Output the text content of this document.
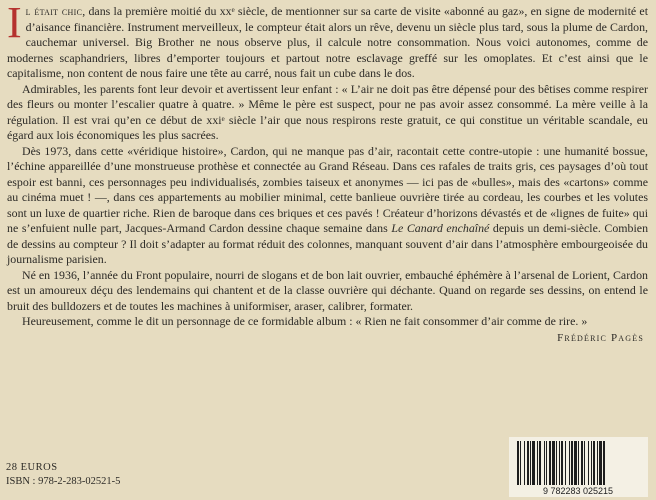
Il était chic, dans la première moitié du xxᵉ siècle, de mentionner sur sa carte de visite «abonné au gaz», en signe de modernité et d’aisance financière. Instrument merveilleux, le compteur était alors un rêve, devenu un siècle plus tard, sous la plume de Cardon, cauchemar universel. Big Brother ne nous observe plus, il calcule notre consommation. Nous voici autonomes, comme de modernes scaphandriers, libres d’emporter toujours et partout notre esclavage greffé sur les omoplates. Et c’est ainsi que le capitalisme, non content de nous faire une tête au carré, nous fait un cube dans le dos.

Admirables, les parents font leur devoir et avertissent leur enfant : « L’air ne doit pas être dépensé pour des bêtises comme respirer des fleurs ou monter l’escalier quatre à quatre. » Même le père est suspect, pour ne pas avoir assez consommé. La mère veille à la régulation. Il est vrai qu’en ce début de xxiᵉ siècle l’air que nous respirons reste gratuit, ce qui constitue un véritable scandale, eu égard aux lois économiques les plus sacrées.

Dès 1973, dans cette «véridique histoire», Cardon, qui ne manque pas d’air, racontait cette contre-utopie : une humanité bossue, l’échine appareillée d’une monstrueuse prothèse et connectée au Grand Réseau. Dans ces rafales de traits gris, ces paysages d’où tout espoir est banni, ces personnages peu individualisés, zombies taiseux et anonymes — ici pas de «bulles», mais des «cartons» comme au cinéma muet ! —, dans ces appartements au mobilier minimal, cette banlieue ouvrière tirée au cordeau, les courbes et les volutes sont un luxe de quartier riche. Rien de baroque dans ces briques et ces pavés ! Créateur d’horizons dévastés et de «lignes de fuite» qui ne s’enfuient nulle part, Jacques-Armand Cardon dessine chaque semaine dans Le Canard enchaîné depuis un demi-siècle. Combien de dessins au compteur ? Il doit s’adapter au format réduit des colonnes, manquant souvent d’air dans l’atmosphère embourgeoisée du journalisme parisien.

Né en 1936, l’année du Front populaire, nourri de slogans et de bon lait ouvrier, embauché éphémère à l’arsenal de Lorient, Cardon est un amoureux déçu des lendemains qui chantent et de la classe ouvrière qui déchante. Quand on regarde ses dessins, on entend le bruit des bulldozers et de toutes les machines à uniformiser, araser, calibrer, formater.

Heureusement, comme le dit un personnage de ce formidable album : « Rien ne fait consommer d’air comme de rire. »

Frédéric Pagès
28 EUROS
ISBN : 978-2-283-02521-5
9 782283 025215
